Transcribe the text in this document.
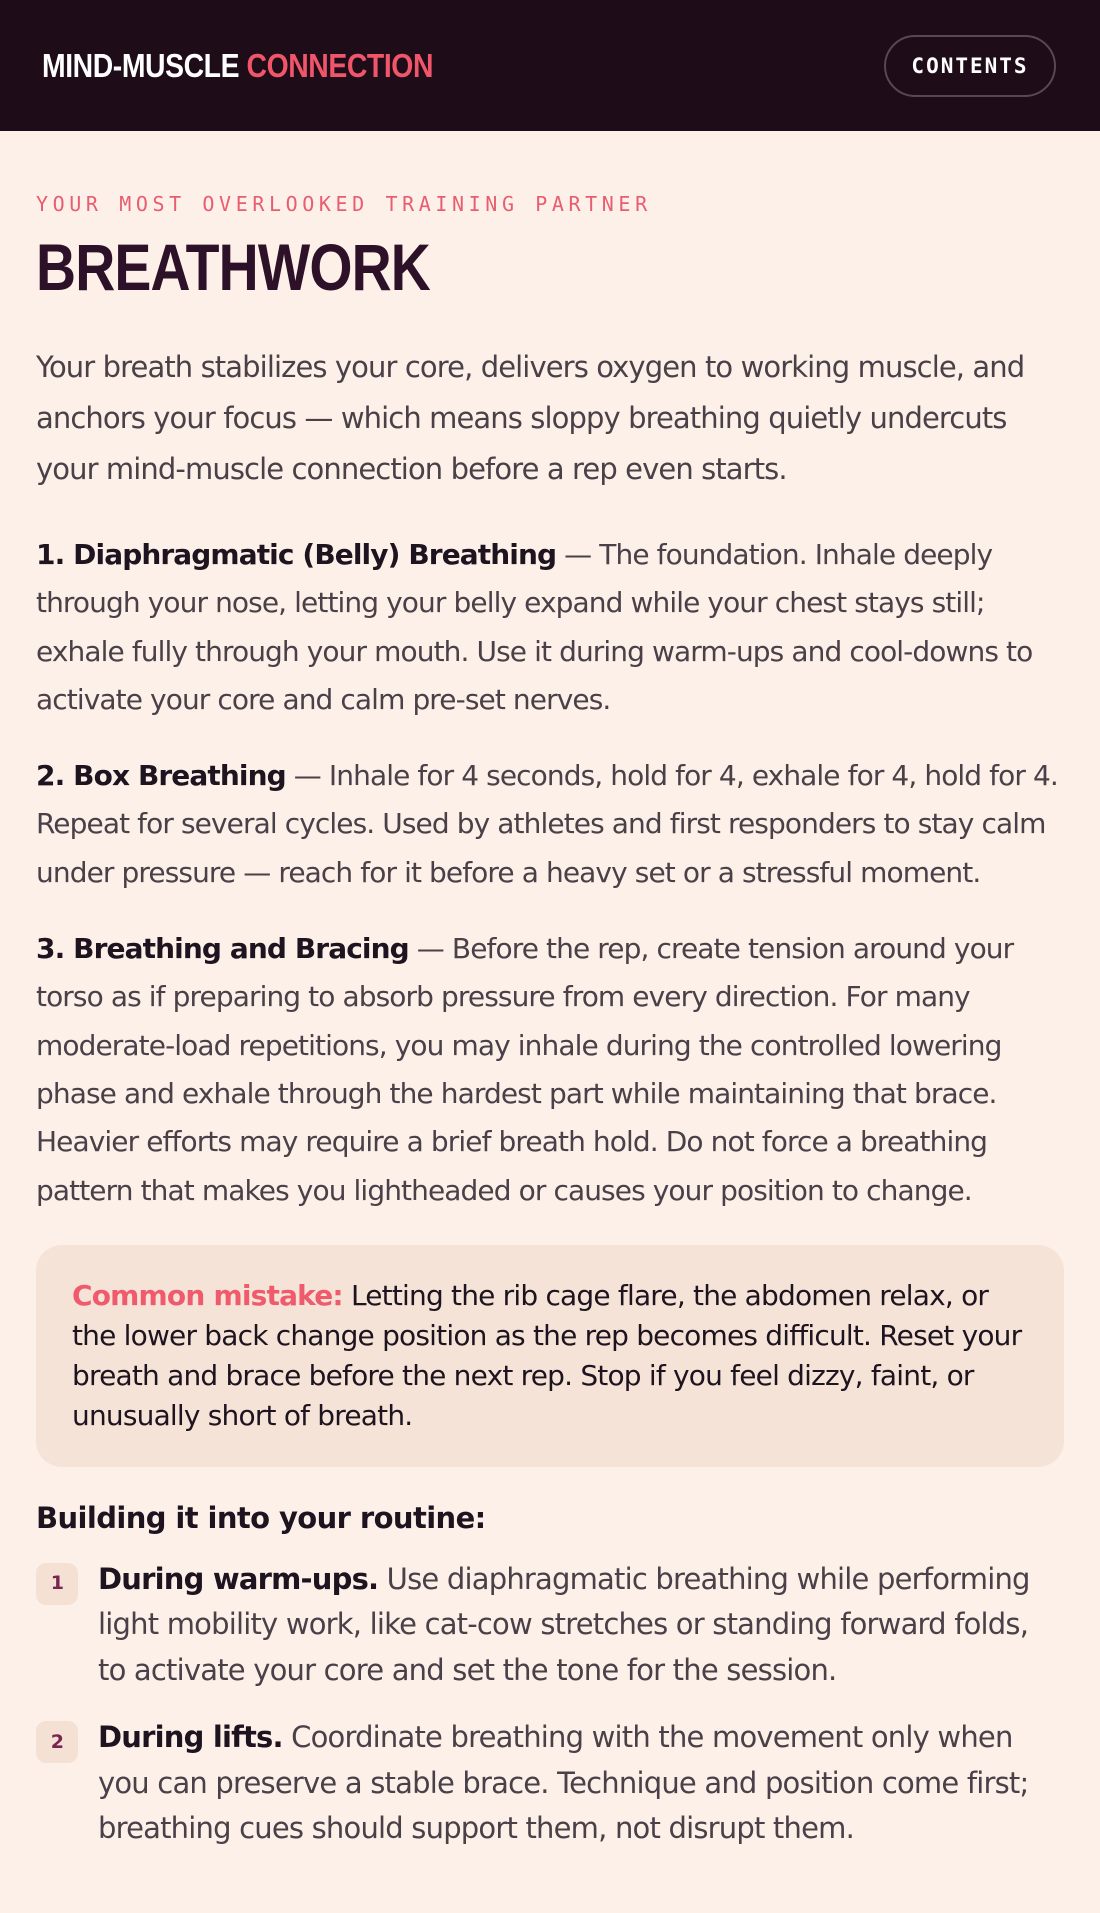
MIND-MUSCLE CONNECTION	CONTENTS
YOUR MOST OVERLOOKED TRAINING PARTNER
BREATHWORK

Your breath stabilizes your core, delivers oxygen to working muscle, and anchors your focus — which means sloppy breathing quietly undercuts your mind-muscle connection before a rep even starts.

1. Diaphragmatic (Belly) Breathing — The foundation. Inhale deeply through your nose, letting your belly expand while your chest stays still; exhale fully through your mouth. Use it during warm-ups and cool-downs to activate your core and calm pre-set nerves.

2. Box Breathing — Inhale for 4 seconds, hold for 4, exhale for 4, hold for 4. Repeat for several cycles. Used by athletes and first responders to stay calm under pressure — reach for it before a heavy set or a stressful moment.

3. Breathing and Bracing — Before the rep, create tension around your torso as if preparing to absorb pressure from every direction. For many moderate-load repetitions, you may inhale during the controlled lowering phase and exhale through the hardest part while maintaining that brace. Heavier efforts may require a brief breath hold. Do not force a breathing pattern that makes you lightheaded or causes your position to change.

Common mistake: Letting the rib cage flare, the abdomen relax, or the lower back change position as the rep becomes difficult. Reset your breath and brace before the next rep. Stop if you feel dizzy, faint, or unusually short of breath.
Building it into your routine:
1	During warm-ups. Use diaphragmatic breathing while performing light mobility work, like cat-cow stretches or standing forward folds, to activate your core and set the tone for the session.
2	During lifts. Coordinate breathing with the movement only when you can preserve a stable brace. Technique and position come first; breathing cues should support them, not disrupt them.
